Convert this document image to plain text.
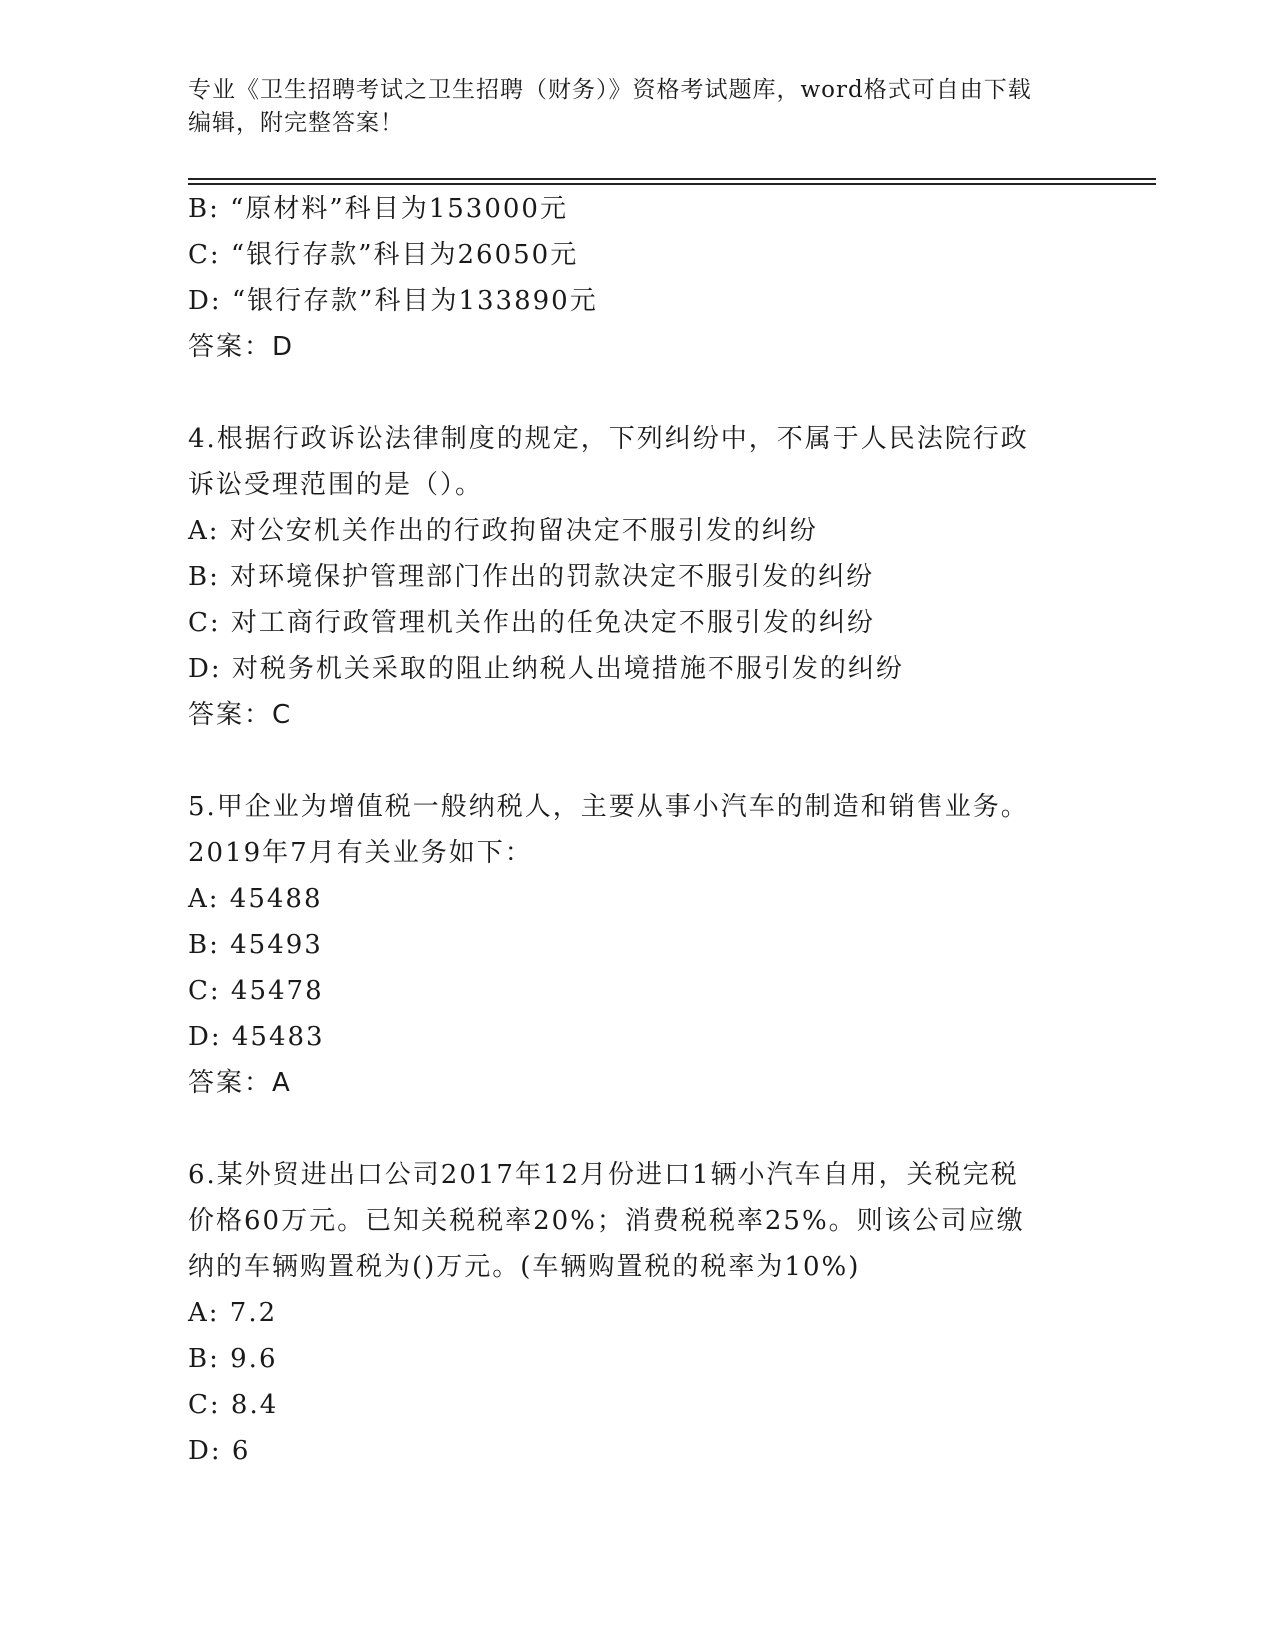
专业《卫生招聘考试之卫生招聘（财务）》资格考试题库，word格式可自由下载
编辑，附完整答案！
B: “原材料”科目为153000元
C: “银行存款”科目为26050元
D: “银行存款”科目为133890元
答案：D
4.根据行政诉讼法律制度的规定，下列纠纷中，不属于人民法院行政
诉讼受理范围的是（）。
A: 对公安机关作出的行政拘留决定不服引发的纠纷
B: 对环境保护管理部门作出的罚款决定不服引发的纠纷
C: 对工商行政管理机关作出的任免决定不服引发的纠纷
D: 对税务机关采取的阻止纳税人出境措施不服引发的纠纷
答案：C
5.甲企业为增值税一般纳税人，主要从事小汽车的制造和销售业务。
2019年7月有关业务如下：
A: 45488
B: 45493
C: 45478
D: 45483
答案：A
6.某外贸进出口公司2017年12月份进口1辆小汽车自用，关税完税
价格60万元。已知关税税率20%；消费税税率25%。则该公司应缴
纳的车辆购置税为()万元。(车辆购置税的税率为10%)
A: 7.2
B: 9.6
C: 8.4
D: 6
